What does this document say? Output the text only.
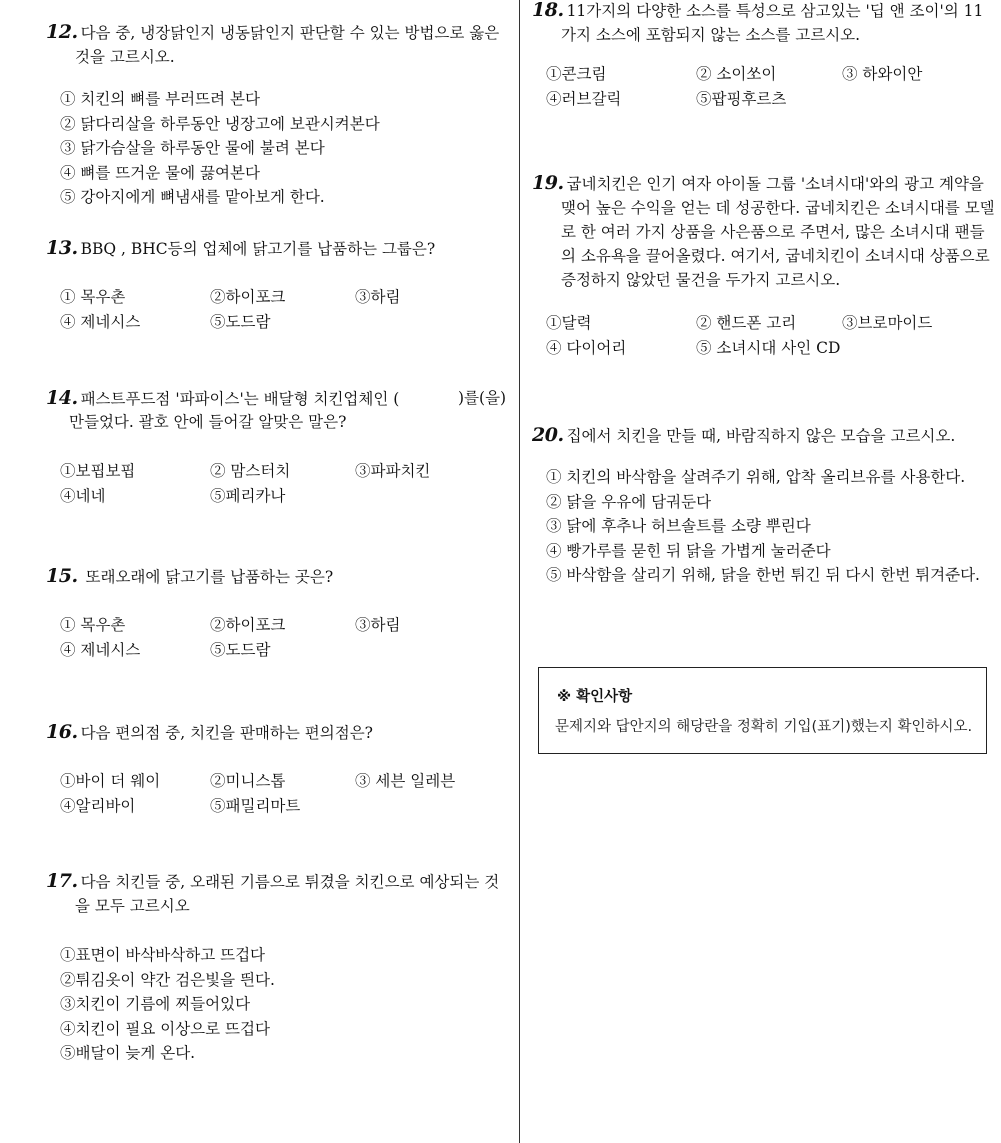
12. 다음 중, 냉장닭인지 냉동닭인지 판단할 수 있는 방법으로 옳은 것을 고르시오.

① 치킨의 뼈를 부러뜨려 본다
② 닭다리살을 하루동안 냉장고에 보관시켜본다
③ 닭가슴살을 하루동안 물에 불려 본다
④ 뼈를 뜨거운 물에 끓여본다
⑤ 강아지에게 뼈냄새를 맡아보게 한다.

13. BBQ , BHC등의 업체에 닭고기를 납품하는 그룹은?

① 목우촌	②하이포크	③하림
④ 제네시스	⑤도드람
14. 패스트푸드점 '파파이스'는 배달형 치킨업체인 (	)를(을)
만들었다. 괄호 안에 들어갈 알맞은 말은?
①보핍보핍	② 맘스터치	③파파치킨
④네네	⑤페리카나

15. 또래오래에 닭고기를 납품하는 곳은?

① 목우촌	②하이포크	③하림
④ 제네시스	⑤도드람

16. 다음 편의점 중, 치킨을 판매하는 편의점은?

①바이 더 웨이	②미니스톱	③ 세븐 일레븐
④알리바이	⑤패밀리마트

17. 다음 치킨들 중, 오래된 기름으로 튀겼을 치킨으로 예상되는 것을 모두 고르시오

①표면이 바삭바삭하고 뜨겁다
②튀김옷이 약간 검은빛을 띈다.
③치킨이 기름에 찌들어있다
④치킨이 필요 이상으로 뜨겁다
⑤배달이 늦게 온다.

18. 11가지의 다양한 소스를 특성으로 삼고있는 '딥 앤 조이'의 11가지 소스에 포함되지 않는 소스를 고르시오.

①콘크림	② 소이쏘이	③ 하와이안
④러브갈릭	⑤팝핑후르츠

19. 굽네치킨은 인기 여자 아이돌 그룹 '소녀시대'와의 광고 계약을 맺어 높은 수익을 얻는 데 성공한다. 굽네치킨은 소녀시대를 모델로 한 여러 가지 상품을 사은품으로 주면서, 많은 소녀시대 팬들의 소유욕을 끌어올렸다. 여기서, 굽네치킨이 소녀시대 상품으로 증정하지 않았던 물건을 두가지 고르시오.

①달력	② 핸드폰 고리	③브로마이드
④ 다이어리	⑤ 소녀시대 사인 CD

20. 집에서 치킨을 만들 때, 바람직하지 않은 모습을 고르시오.

① 치킨의 바삭함을 살려주기 위해, 압착 올리브유를 사용한다.
② 닭을 우유에 담궈둔다
③ 닭에 후추나 허브솔트를 소량 뿌린다
④ 빵가루를 묻힌 뒤 닭을 가볍게 눌러준다
⑤ 바삭함을 살리기 위해, 닭을 한번 튀긴 뒤 다시 한번 튀겨준다.
※ 확인사항
문제지와 답안지의 해당란을 정확히 기입(표기)했는지 확인하시오.
